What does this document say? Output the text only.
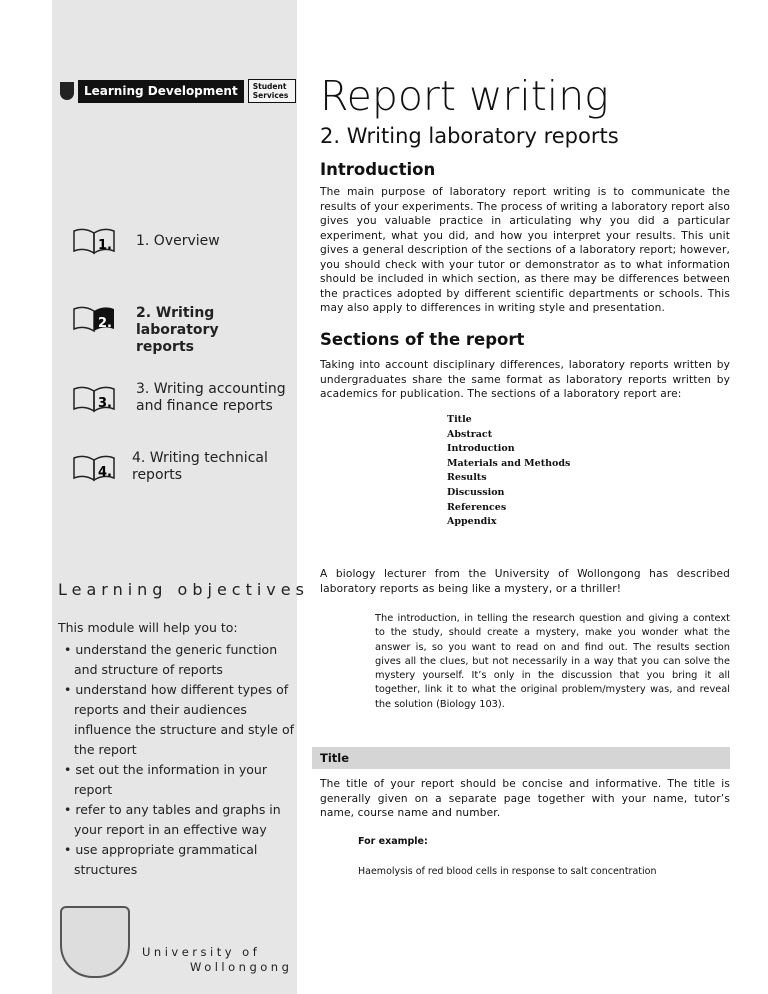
Learning Development	Student Services
1. 1. Overview
2.
2. Writing laboratory reports
3.
3. Writing accounting and finance reports
4.
4. Writing technical reports
Learning objectives
This module will help you to:
• understand the generic function and structure of reports
• understand how different types of reports and their audiences influence the structure and style of the report
• set out the information in your report
• refer to any tables and graphs in your report in an effective way
• use appropriate grammatical structures
University of
Wollongong
Report writing
2. Writing laboratory reports
Introduction
The main purpose of laboratory report writing is to communicate the results of your experiments. The process of writing a laboratory report also gives you valuable practice in articulating why you did a particular experiment, what you did, and how you interpret your results. This unit gives a general description of the sections of a laboratory report; however, you should check with your tutor or demonstrator as to what information should be included in which section, as there may be differences between the practices adopted by different scientific departments or schools. This may also apply to differences in writing style and presentation.
Sections of the report
Taking into account disciplinary differences, laboratory reports written by undergraduates share the same format as laboratory reports written by academics for publication. The sections of a laboratory report are:
Title
Abstract
Introduction
Materials and Methods
Results
Discussion
References
Appendix
A biology lecturer from the University of Wollongong has described laboratory reports as being like a mystery, or a thriller!
The introduction, in telling the research question and giving a context to the study, should create a mystery, make you wonder what the answer is, so you want to read on and find out. The results section gives all the clues, but not necessarily in a way that you can solve the mystery yourself. It’s only in the discussion that you bring it all together, link it to what the original problem/mystery was, and reveal the solution (Biology 103).
Title
The title of your report should be concise and informative. The title is generally given on a separate page together with your name, tutor’s name, course name and number.
For example:
Haemolysis of red blood cells in response to salt concentration
